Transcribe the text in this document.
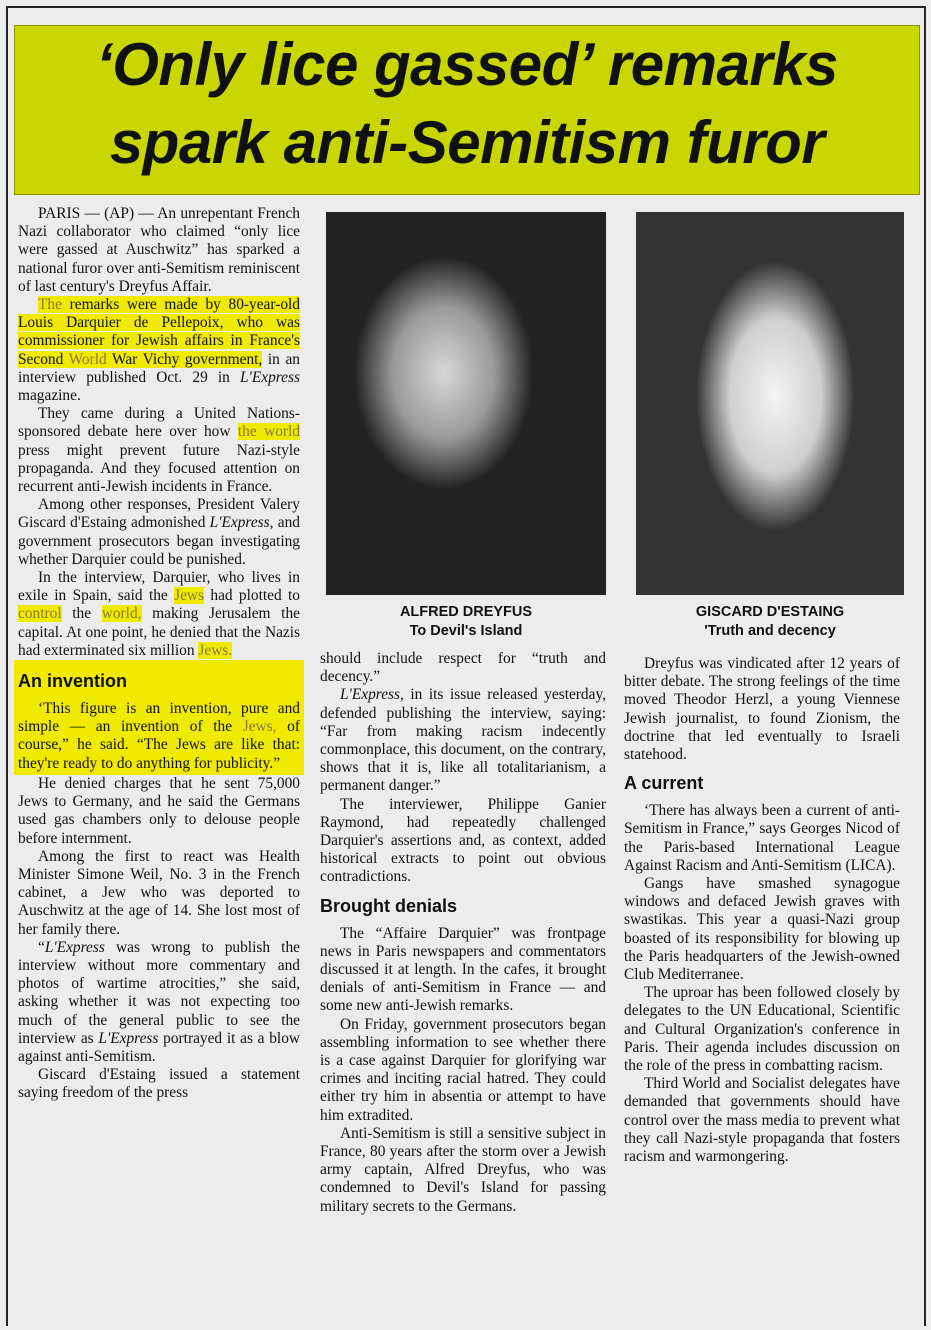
‘Only lice gassed’ remarks
spark anti-Semitism furor
ALFRED DREYFUS
To Devil's Island
GISCARD D'ESTAING
'Truth and decency

PARIS — (AP) — An unrepentant French Nazi collaborator who claimed “only lice were gassed at Auschwitz” has sparked a national furor over anti-Semitism reminiscent of last century's Dreyfus Affair.

The remarks were made by 80-year-old Louis Darquier de Pellepoix, who was commissioner for Jewish affairs in France's Second World War Vichy government, in an interview published Oct. 29 in L'Express magazine.

They came during a United Nations-sponsored debate here over how the world press might prevent future Nazi-style propaganda. And they focused attention on recurrent anti-Jewish incidents in France.

Among other responses, President Valery Giscard d'Estaing admonished L'Express, and government prosecutors began investigating whether Darquier could be punished.

In the interview, Darquier, who lives in exile in Spain, said the Jews had plotted to control the world, making Jerusalem the capital. At one point, he denied that the Nazis had exterminated six million Jews.

An invention

‘This figure is an invention, pure and simple — an invention of the Jews, of course,” he said. “The Jews are like that: they're ready to do anything for publicity.”

He denied charges that he sent 75,000 Jews to Germany, and he said the Germans used gas chambers only to delouse people before internment.

Among the first to react was Health Minister Simone Weil, No. 3 in the French cabinet, a Jew who was deported to Auschwitz at the age of 14. She lost most of her family there.

“L'Express was wrong to publish the interview without more commentary and photos of wartime atrocities,” she said, asking whether it was not expecting too much of the general public to see the interview as L'Express portrayed it as a blow against anti-Semitism.

Giscard d'Estaing issued a statement saying freedom of the press

should include respect for “truth and decency.”

L'Express, in its issue released yesterday, defended publishing the interview, saying: “Far from making racism indecently commonplace, this document, on the contrary, shows that it is, like all totalitarianism, a permanent danger.”

The interviewer, Philippe Ganier Raymond, had repeatedly challenged Darquier's assertions and, as context, added historical extracts to point out obvious contradictions.

Brought denials

The “Affaire Darquier” was frontpage news in Paris newspapers and commentators discussed it at length. In the cafes, it brought denials of anti-Semitism in France — and some new anti-Jewish remarks.

On Friday, government prosecutors began assembling information to see whether there is a case against Darquier for glorifying war crimes and inciting racial hatred. They could either try him in absentia or attempt to have him extradited.

Anti-Semitism is still a sensitive subject in France, 80 years after the storm over a Jewish army captain, Alfred Dreyfus, who was condemned to Devil's Island for passing military secrets to the Germans.

Dreyfus was vindicated after 12 years of bitter debate. The strong feelings of the time moved Theodor Herzl, a young Viennese Jewish journalist, to found Zionism, the doctrine that led eventually to Israeli statehood.

A current

‘There has always been a current of anti-Semitism in France,” says Georges Nicod of the Paris-based International League Against Racism and Anti-Semitism (LICA).

Gangs have smashed synagogue windows and defaced Jewish graves with swastikas. This year a quasi-Nazi group boasted of its responsibility for blowing up the Paris headquarters of the Jewish-owned Club Mediterranee.

The uproar has been followed closely by delegates to the UN Educational, Scientific and Cultural Organization's conference in Paris. Their agenda includes discussion on the role of the press in combatting racism.

Third World and Socialist delegates have demanded that governments should have control over the mass media to prevent what they call Nazi-style propaganda that fosters racism and warmongering.
